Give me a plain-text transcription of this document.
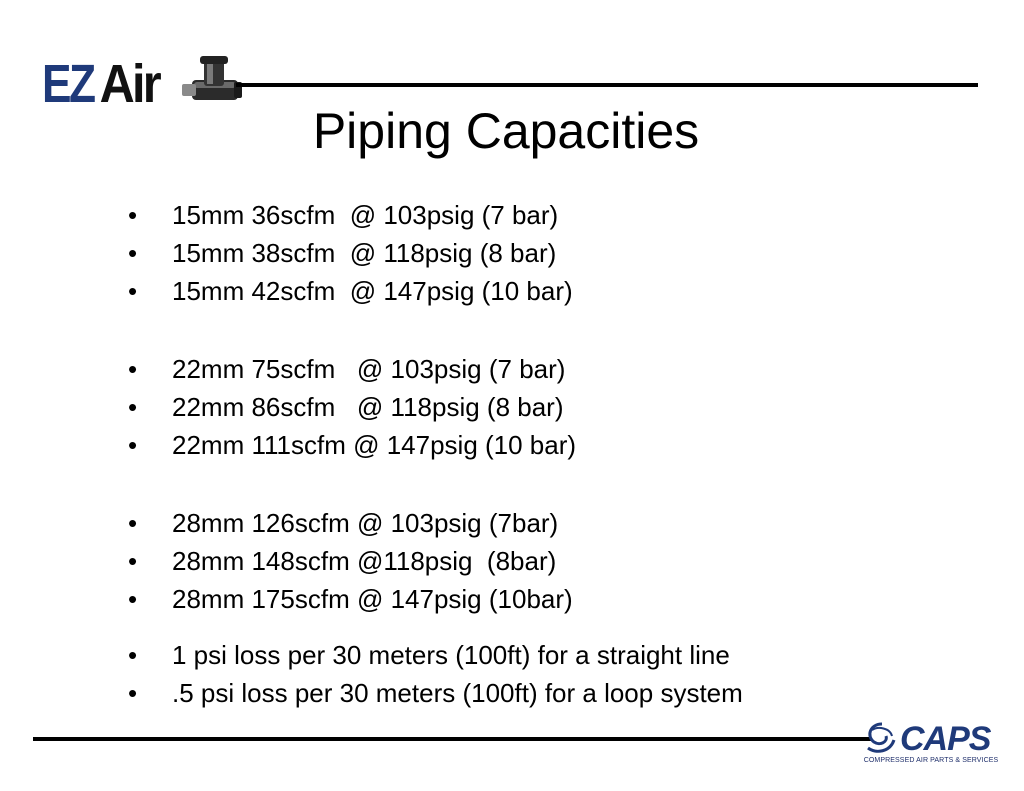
EZ Air
Piping Capacities
• 15mm 36scfm  @ 103psig (7 bar)
• 15mm 38scfm  @ 118psig (8 bar)
• 15mm 42scfm  @ 147psig (10 bar)
• 22mm 75scfm   @ 103psig (7 bar)
• 22mm 86scfm   @ 118psig (8 bar)
• 22mm 111scfm @ 147psig (10 bar)
• 28mm 126scfm @ 103psig (7bar)
• 28mm 148scfm @118psig  (8bar)
• 28mm 175scfm @ 147psig (10bar)
• 1 psi loss per 30 meters (100ft) for a straight line
• .5 psi loss per 30 meters (100ft) for a loop system
CAPS
COMPRESSED AIR PARTS & SERVICES
